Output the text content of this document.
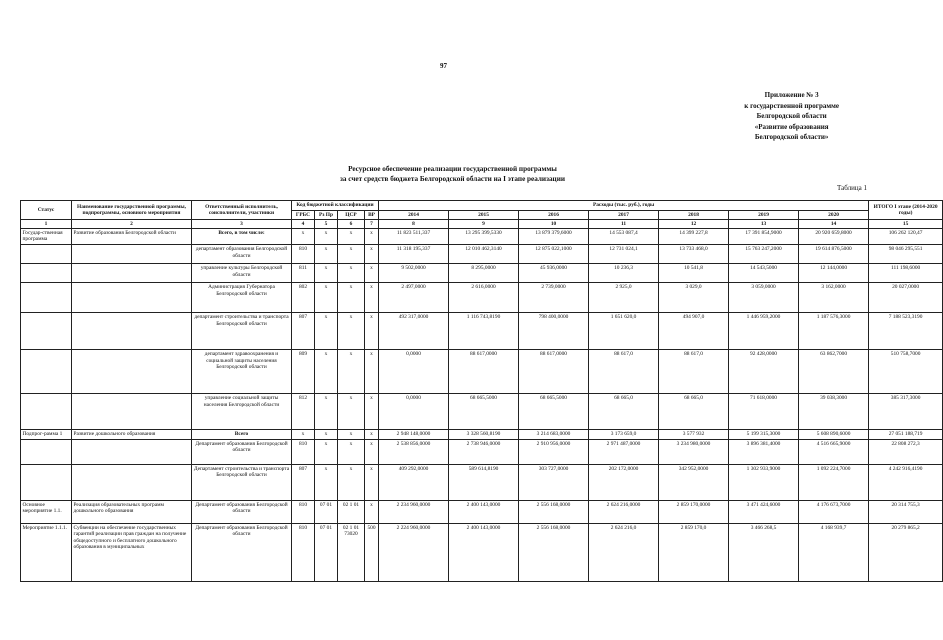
97
Приложение № 3
к государственной программе
Белгородской области
«Развитие образования
Белгородской области»
Ресурсное обеспечение реализации государственной программы
за счет средств бюджета Белгородской области на I этапе реализации
Таблица 1
Статус	Наименование государственной программы, подпрограммы, основного мероприятия	Ответственный исполнитель, соисполнители, участники	Код бюджетной классификации				Расходы (тыс. руб.), годы							ИТОГО I этапе (2014-2020 годы)
			ГРБС	Рз Пр	ЦСР	ВР	2014	2015	2016	2017	2018	2019	2020	
1	2	3	4	5	6	7	8	9	10	11	12	13	14	15
Государ-ственная программа	Развитие образования Белгородской области	Всего, в том числе:	x	x	x	x	11 823 511,337	13 295 399,5330	13 879 379,6000	14 553 087,4	14 399 227,8	17 391 854,9000	20 920 659,8000	106 262 120,47
		департамент образования Белгородской области	810	x	x	x	11 318 195,337	12 010 462,3140	12 875 022,1000	12 731 024,1	13 733 468,0	15 763 247,2000	19 614 876,5000	98 046 295,551
		управление культуры Белгородской области	811	x	x	x	9 502,0000	8 295,0000	45 936,0000	10 236,3	10 541,8	14 543,5000	12 144,0000	111 198,6000
		Администрация Губернатора Белгородской области	802	x	x	x	2 497,0000	2 616,0000	2 739,0000	2 925,0	3 029,0	3 059,0000	3 162,0000	20 027,0000
		департамент строительства и транспорта Белгородской области	807	x	x	x	492 317,0000	1 116 743,8190	798 400,0000	1 651 620,0	494 907,0	1 446 959,2000	1 187 576,3000	7 188 523,3190
		департамент здравоохранения и социальной защиты населения Белгородской области	809	x	x	x	0,0000	88 617,0000	88 617,0000	88 617,0	88 617,0	92 428,0000	63 862,7000	510 758,7000
		управление социальной защиты населения Белгородской области	812	x	x	x	0,0000	68 665,5000	68 665,5000	68 665,0	68 665,0	71 618,0000	39 038,3000	385 317,3000
Подпрог-рамма 1	Развитие дошкольного образования	Всего	x	x	x	x	2 948 148,0000	3 328 560,8190	3 214 683,0000	3 173 659,0	3 577 932	5 199 315,3000	5 608 890,6000	27 051 188,719
		Департамент образования Белгородской области	810	x	x	x	2 538 856,0000	2 738 946,0000	2 910 956,0000	2 971 487,0000	3 234 980,0000	3 896 381,4000	4 516 665,9000	22 808 272,3
		Департамент строительства и транспорта Белгородской области	807	x	x	x	409 292,0000	589 614,8190	303 727,0000	202 172,0000	342 952,0000	1 302 933,9000	1 092 224,7000	4 242 916,4190
Основное мероприятие 1.1.	Реализация образовательных программ дошкольного образования	Департамент образования Белгородской области	810	07 01	02 1 01	x	2 234 960,0000	2 400 143,0000	2 556 168,0000	2 624 216,0000	2 859 170,0000	3 471 424,6000	4 176 673,7000	20 314 755,3
Мероприятие 1.1.1.	Субвенции на обеспечение государственных гарантий реализации прав граждан на получение общедоступного и бесплатного дошкольного образования в муниципальных	Департамент образования Белгородской области	810	07 01	02 1 01 73020	500	2 224 960,0000	2 400 143,0000	2 556 168,0000	2 624 216,0	2 859 170,0	3 466 268,5	4 168 939,7	20 279 865,2
